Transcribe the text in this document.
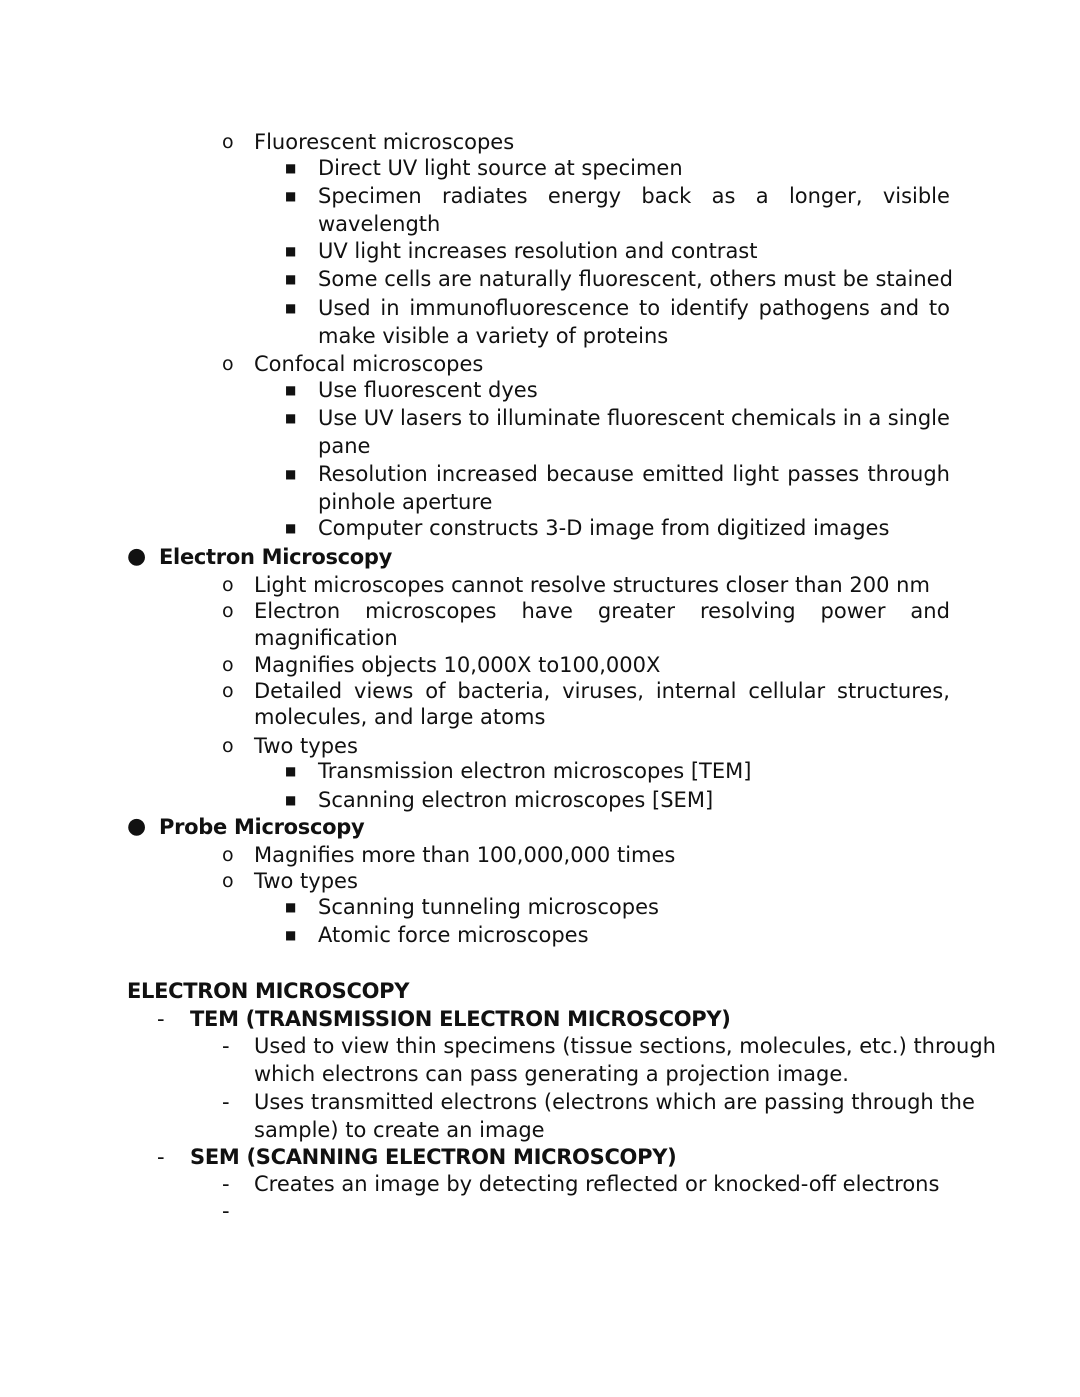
o Fluorescent microscopes
■ Direct UV light source at specimen
■ Specimen radiates energy back as a longer, visible
wavelength
■ UV light increases resolution and contrast
■ Some cells are naturally fluorescent, others must be stained
■ Used in immunofluorescence to identify pathogens and to
make visible a variety of proteins
o Confocal microscopes
■ Use fluorescent dyes
■ Use UV lasers to illuminate fluorescent chemicals in a single
pane
■ Resolution increased because emitted light passes through
pinhole aperture
■ Computer constructs 3-D image from digitized images
● Electron Microscopy
o Light microscopes cannot resolve structures closer than 200 nm
o Electron microscopes have greater resolving power and
magnification
o Magnifies objects 10,000X to100,000X
o Detailed views of bacteria, viruses, internal cellular structures,
molecules, and large atoms
o Two types
■ Transmission electron microscopes [TEM]
■ Scanning electron microscopes [SEM]
● Probe Microscopy
o Magnifies more than 100,000,000 times
o Two types
■ Scanning tunneling microscopes
■ Atomic force microscopes
ELECTRON MICROSCOPY
- TEM (TRANSMISSION ELECTRON MICROSCOPY)
- Used to view thin specimens (tissue sections, molecules, etc.) through
which electrons can pass generating a projection image.
- Uses transmitted electrons (electrons which are passing through the
sample) to create an image
- SEM (SCANNING ELECTRON MICROSCOPY)
- Creates an image by detecting reflected or knocked-off electrons
-
